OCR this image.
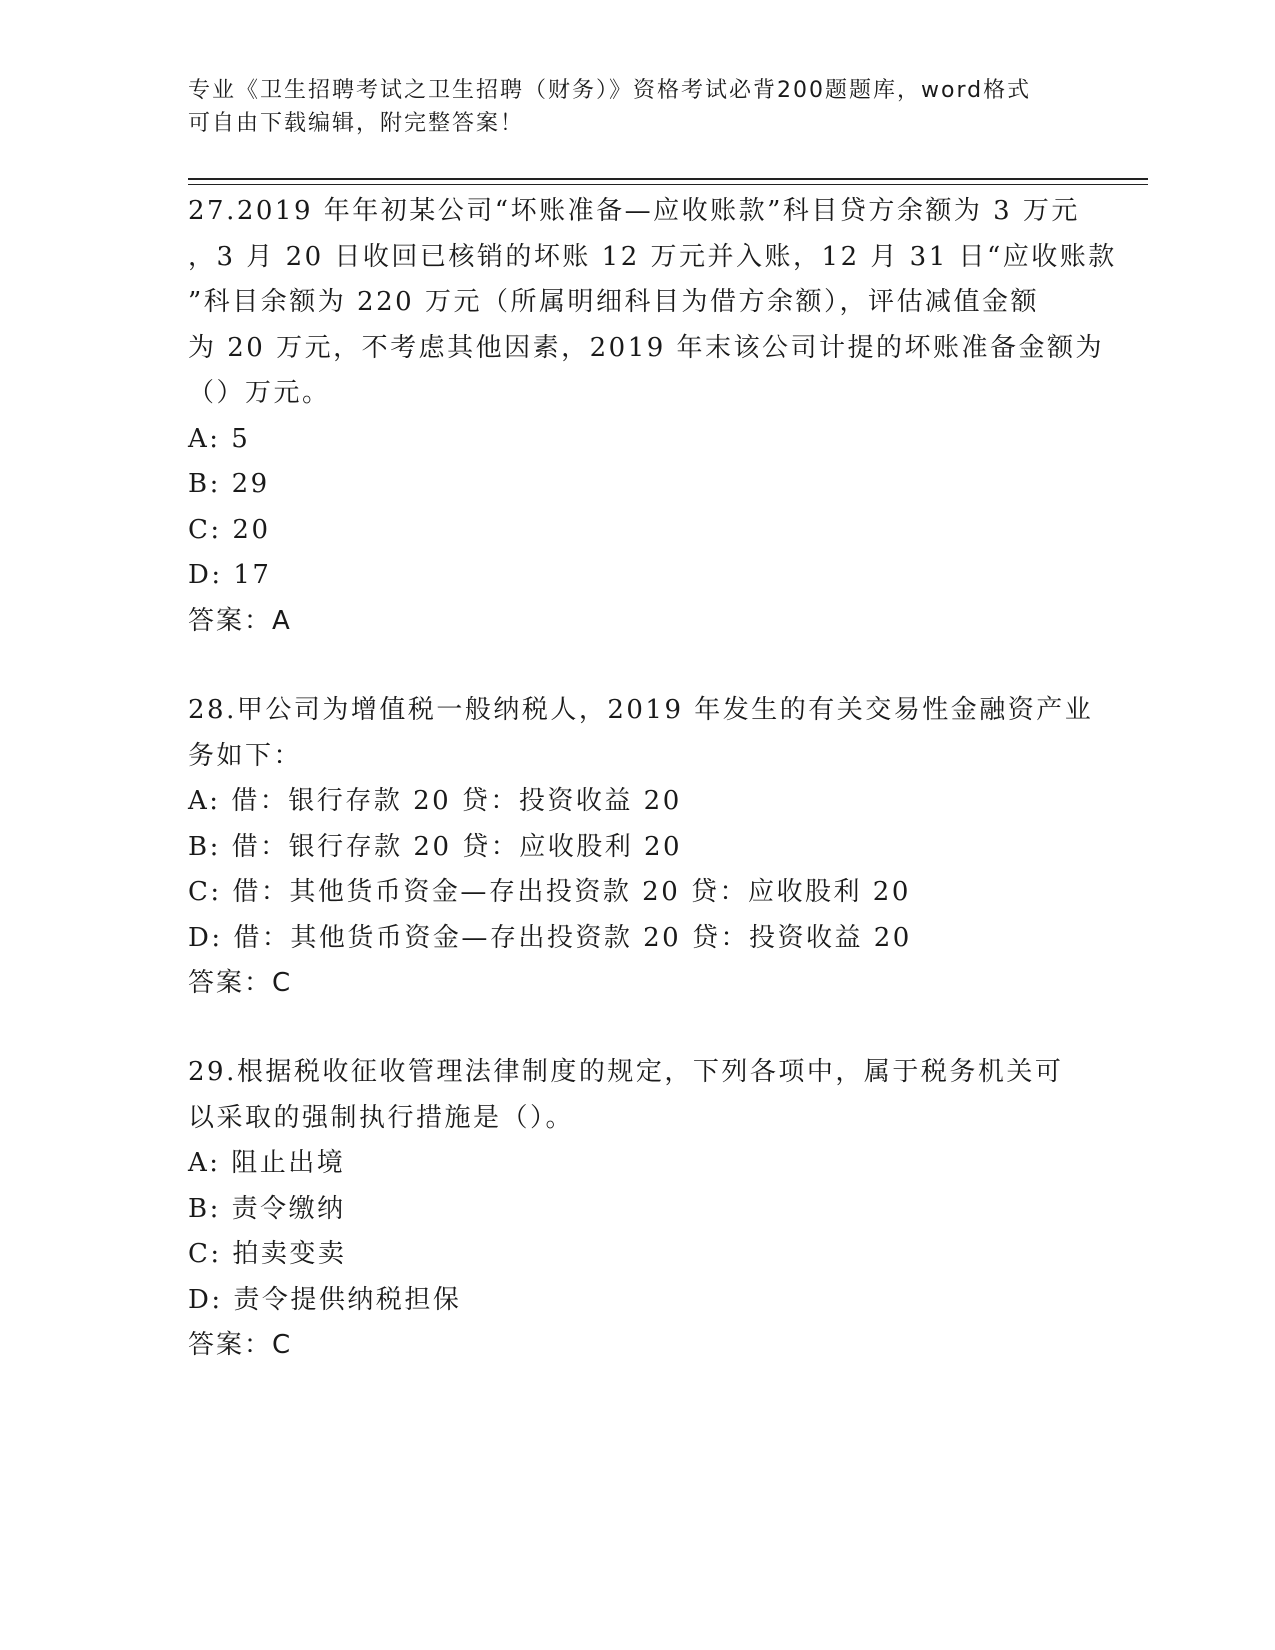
专业《卫生招聘考试之卫生招聘（财务）》资格考试必背200题题库，word格式
可自由下载编辑，附完整答案！
27.2019 年年初某公司“坏账准备—应收账款”科目贷方余额为 3 万元
，3 月 20 日收回已核销的坏账 12 万元并入账，12 月 31 日“应收账款
”科目余额为 220 万元（所属明细科目为借方余额），评估减值金额
为 20 万元，不考虑其他因素，2019 年末该公司计提的坏账准备金额为
（）万元。
A: 5
B: 29
C: 20
D: 17
答案：A
28.甲公司为增值税一般纳税人，2019 年发生的有关交易性金融资产业
务如下：
A: 借：银行存款 20 贷：投资收益 20
B: 借：银行存款 20 贷：应收股利 20
C: 借：其他货币资金—存出投资款 20 贷：应收股利 20
D: 借：其他货币资金—存出投资款 20 贷：投资收益 20
答案：C
29.根据税收征收管理法律制度的规定，下列各项中，属于税务机关可
以采取的强制执行措施是（）。
A: 阻止出境
B: 责令缴纳
C: 拍卖变卖
D: 责令提供纳税担保
答案：C
